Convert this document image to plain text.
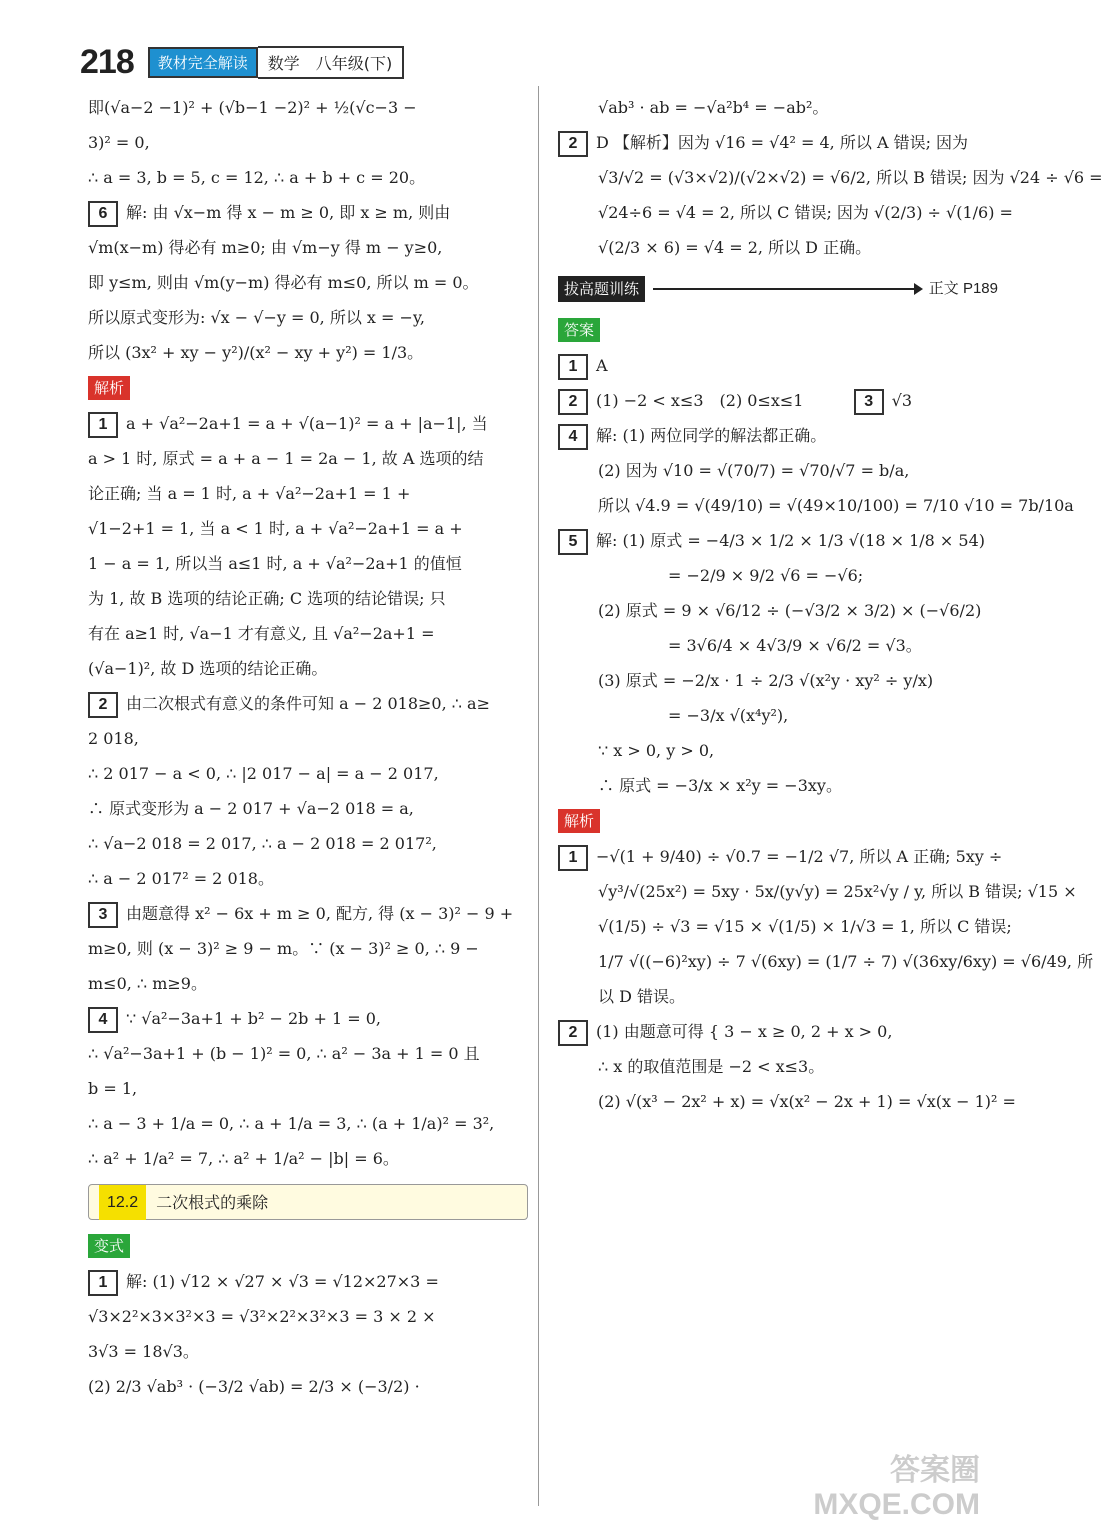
218	教材完全解读	数学　八年级(下)
即(√a−2 −1)² + (√b−1 −2)² + ½(√c−3 −
3)² = 0,
∴ a = 3, b = 5, c = 12, ∴ a + b + c = 20。
6 解: 由 √x−m 得 x − m ≥ 0, 即 x ≥ m, 则由
√m(x−m) 得必有 m≥0; 由 √m−y 得 m − y≥0,
即 y≤m, 则由 √m(y−m) 得必有 m≤0, 所以 m = 0。
所以原式变形为: √x − √−y = 0, 所以 x = −y,
所以 (3x² + xy − y²)/(x² − xy + y²) = 1/3。
解析
1 a + √a²−2a+1 = a + √(a−1)² = a + |a−1|, 当
a > 1 时, 原式 = a + a − 1 = 2a − 1, 故 A 选项的结
论正确; 当 a = 1 时, a + √a²−2a+1 = 1 +
√1−2+1 = 1, 当 a < 1 时, a + √a²−2a+1 = a +
1 − a = 1, 所以当 a≤1 时, a + √a²−2a+1 的值恒
为 1, 故 B 选项的结论正确; C 选项的结论错误; 只
有在 a≥1 时, √a−1 才有意义, 且 √a²−2a+1 =
(√a−1)², 故 D 选项的结论正确。
2 由二次根式有意义的条件可知 a − 2 018≥0, ∴ a≥
2 018,
∴ 2 017 − a < 0, ∴ |2 017 − a| = a − 2 017,
∴ 原式变形为 a − 2 017 + √a−2 018 = a,
∴ √a−2 018 = 2 017, ∴ a − 2 018 = 2 017²,
∴ a − 2 017² = 2 018。
3 由题意得 x² − 6x + m ≥ 0, 配方, 得 (x − 3)² − 9 +
m≥0, 则 (x − 3)² ≥ 9 − m。∵ (x − 3)² ≥ 0, ∴ 9 −
m≤0, ∴ m≥9。
4 ∵ √a²−3a+1 + b² − 2b + 1 = 0,
∴ √a²−3a+1 + (b − 1)² = 0, ∴ a² − 3a + 1 = 0 且
b = 1,
∴ a − 3 + 1/a = 0, ∴ a + 1/a = 3, ∴ (a + 1/a)² = 3²,
∴ a² + 1/a² = 7, ∴ a² + 1/a² − |b| = 6。
12.2	二次根式的乘除
变式
1 解: (1) √12 × √27 × √3 = √12×27×3 =
√3×2²×3×3²×3 = √3²×2²×3²×3 = 3 × 2 ×
3√3 = 18√3。
(2) 2/3 √ab³ · (−3/2 √ab) = 2/3 × (−3/2) ·
√ab³ · ab = −√a²b⁴ = −ab²。
2 D 【解析】因为 √16 = √4² = 4, 所以 A 错误; 因为
√3/√2 = (√3×√2)/(√2×√2) = √6/2, 所以 B 错误; 因为 √24 ÷ √6 =
√24÷6 = √4 = 2, 所以 C 错误; 因为 √(2/3) ÷ √(1/6) =
√(2/3 × 6) = √4 = 2, 所以 D 正确。
拔高题训练	正文 P189
答案
1 A
2 (1) −2 < x≤3　(2) 0≤x≤1	3 √3
4 解: (1) 两位同学的解法都正确。
(2) 因为 √10 = √(70/7) = √70/√7 = b/a,
所以 √4.9 = √(49/10) = √(49×10/100) = 7/10 √10 = 7b/10a
5 解: (1) 原式 = −4/3 × 1/2 × 1/3 √(18 × 1/8 × 54)
= −2/9 × 9/2 √6 = −√6;
(2) 原式 = 9 × √6/12 ÷ (−√3/2 × 3/2) × (−√6/2)
= 3√6/4 × 4√3/9 × √6/2 = √3。
(3) 原式 = −2/x · 1 ÷ 2/3 √(x²y · xy² ÷ y/x)
= −3/x √(x⁴y²),
∵ x > 0, y > 0,
∴ 原式 = −3/x × x²y = −3xy。
解析
1 −√(1 + 9/40) ÷ √0.7 = −1/2 √7, 所以 A 正确; 5xy ÷
√y³/√(25x²) = 5xy · 5x/(y√y) = 25x²√y / y, 所以 B 错误; √15 ×
√(1/5) ÷ √3 = √15 × √(1/5) × 1/√3 = 1, 所以 C 错误;
1/7 √((−6)²xy) ÷ 7 √(6xy) = (1/7 ÷ 7) √(36xy/6xy) = √6/49, 所
以 D 错误。
2 (1) 由题意可得 { 3 − x ≥ 0, 2 + x > 0,
∴ x 的取值范围是 −2 < x≤3。
(2) √(x³ − 2x² + x) = √x(x² − 2x + 1) = √x(x − 1)² =
答案圈
MXQE.COM
